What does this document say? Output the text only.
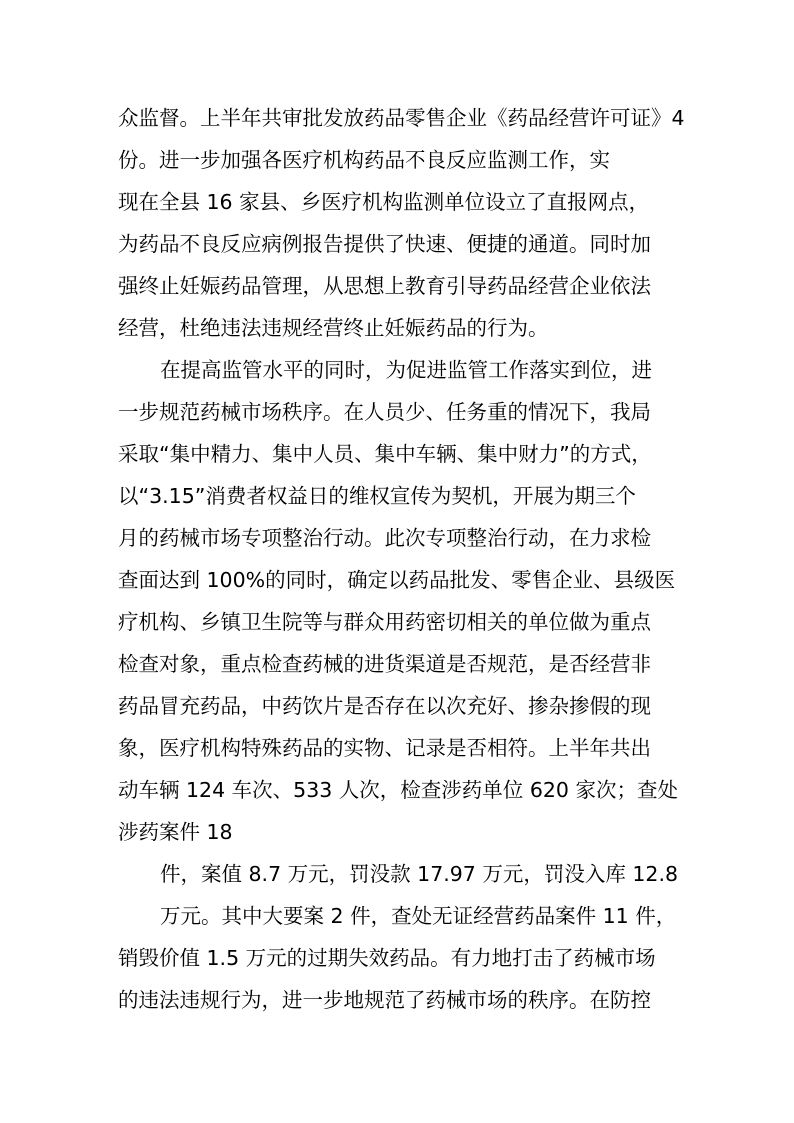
众监督。上半年共审批发放药品零售企业《药品经营许可证》4
份。进一步加强各医疗机构药品不良反应监测工作，实
现在全县 16 家县、乡医疗机构监测单位设立了直报网点，
为药品不良反应病例报告提供了快速、便捷的通道。同时加
强终止妊娠药品管理，从思想上教育引导药品经营企业依法
经营，杜绝违法违规经营终止妊娠药品的行为。
在提高监管水平的同时，为促进监管工作落实到位，进
一步规范药械市场秩序。在人员少、任务重的情况下，我局
采取“集中精力、集中人员、集中车辆、集中财力”的方式，
以“3.15”消费者权益日的维权宣传为契机，开展为期三个
月的药械市场专项整治行动。此次专项整治行动，在力求检
查面达到 100%的同时，确定以药品批发、零售企业、县级医
疗机构、乡镇卫生院等与群众用药密切相关的单位做为重点
检查对象，重点检查药械的进货渠道是否规范，是否经营非
药品冒充药品，中药饮片是否存在以次充好、掺杂掺假的现
象，医疗机构特殊药品的实物、记录是否相符。上半年共出
动车辆 124 车次、533 人次，检查涉药单位 620 家次；查处
涉药案件 18
件，案值 8.7 万元，罚没款 17.97 万元，罚没入库 12.8
万元。其中大要案 2 件，查处无证经营药品案件 11 件，
销毁价值 1.5 万元的过期失效药品。有力地打击了药械市场
的违法违规行为，进一步地规范了药械市场的秩序。在防控
